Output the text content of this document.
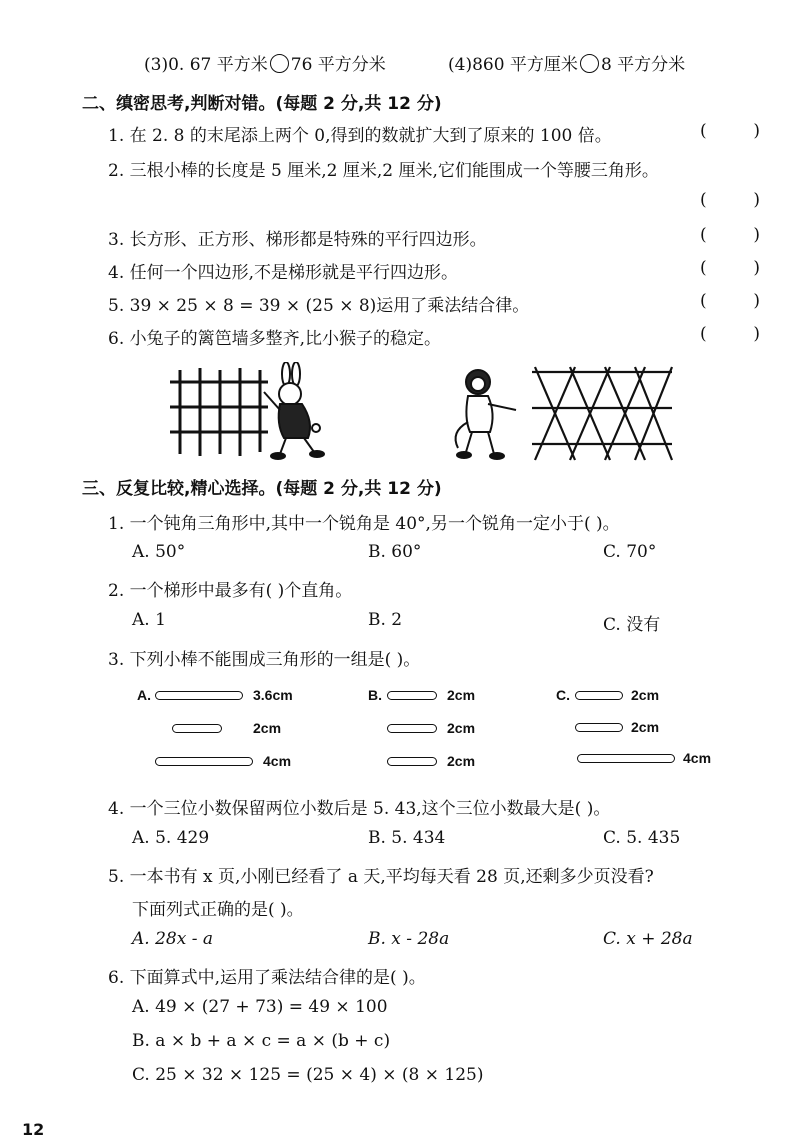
(3)0. 67 平方米 76 平方分米	(4)860 平方厘米 8 平方分米
二、缜密思考,判断对错。(每题 2 分,共 12 分)
1. 在 2. 8 的末尾添上两个 0,得到的数就扩大到了原来的 100 倍。	(	)
2. 三根小棒的长度是 5 厘米,2 厘米,2 厘米,它们能围成一个等腰三角形。
(	)
3. 长方形、正方形、梯形都是特殊的平行四边形。	(	)
4. 任何一个四边形,不是梯形就是平行四边形。	(	)
5. 39 × 25 × 8 = 39 × (25 × 8)运用了乘法结合律。	(	)
6. 小兔子的篱笆墙多整齐,比小猴子的稳定。	(	)
三、反复比较,精心选择。(每题 2 分,共 12 分)
1. 一个钝角三角形中,其中一个锐角是 40°,另一个锐角一定小于( )。
A. 50°	B. 60°	C. 70°
2. 一个梯形中最多有( )个直角。
A. 1	B. 2	C. 没有
3. 下列小棒不能围成三角形的一组是( )。
A.	3.6cm
2cm
4cm
B.	2cm
2cm
2cm
C.	2cm
2cm
4cm
4. 一个三位小数保留两位小数后是 5. 43,这个三位小数最大是( )。
A. 5. 429	B. 5. 434	C. 5. 435
5. 一本书有 x 页,小刚已经看了 a 天,平均每天看 28 页,还剩多少页没看?
下面列式正确的是( )。
A. 28x - a	B. x - 28a	C. x + 28a
6. 下面算式中,运用了乘法结合律的是( )。
A. 49 × (27 + 73) = 49 × 100
B. a × b + a × c = a × (b + c)
C. 25 × 32 × 125 = (25 × 4) × (8 × 125)
12
